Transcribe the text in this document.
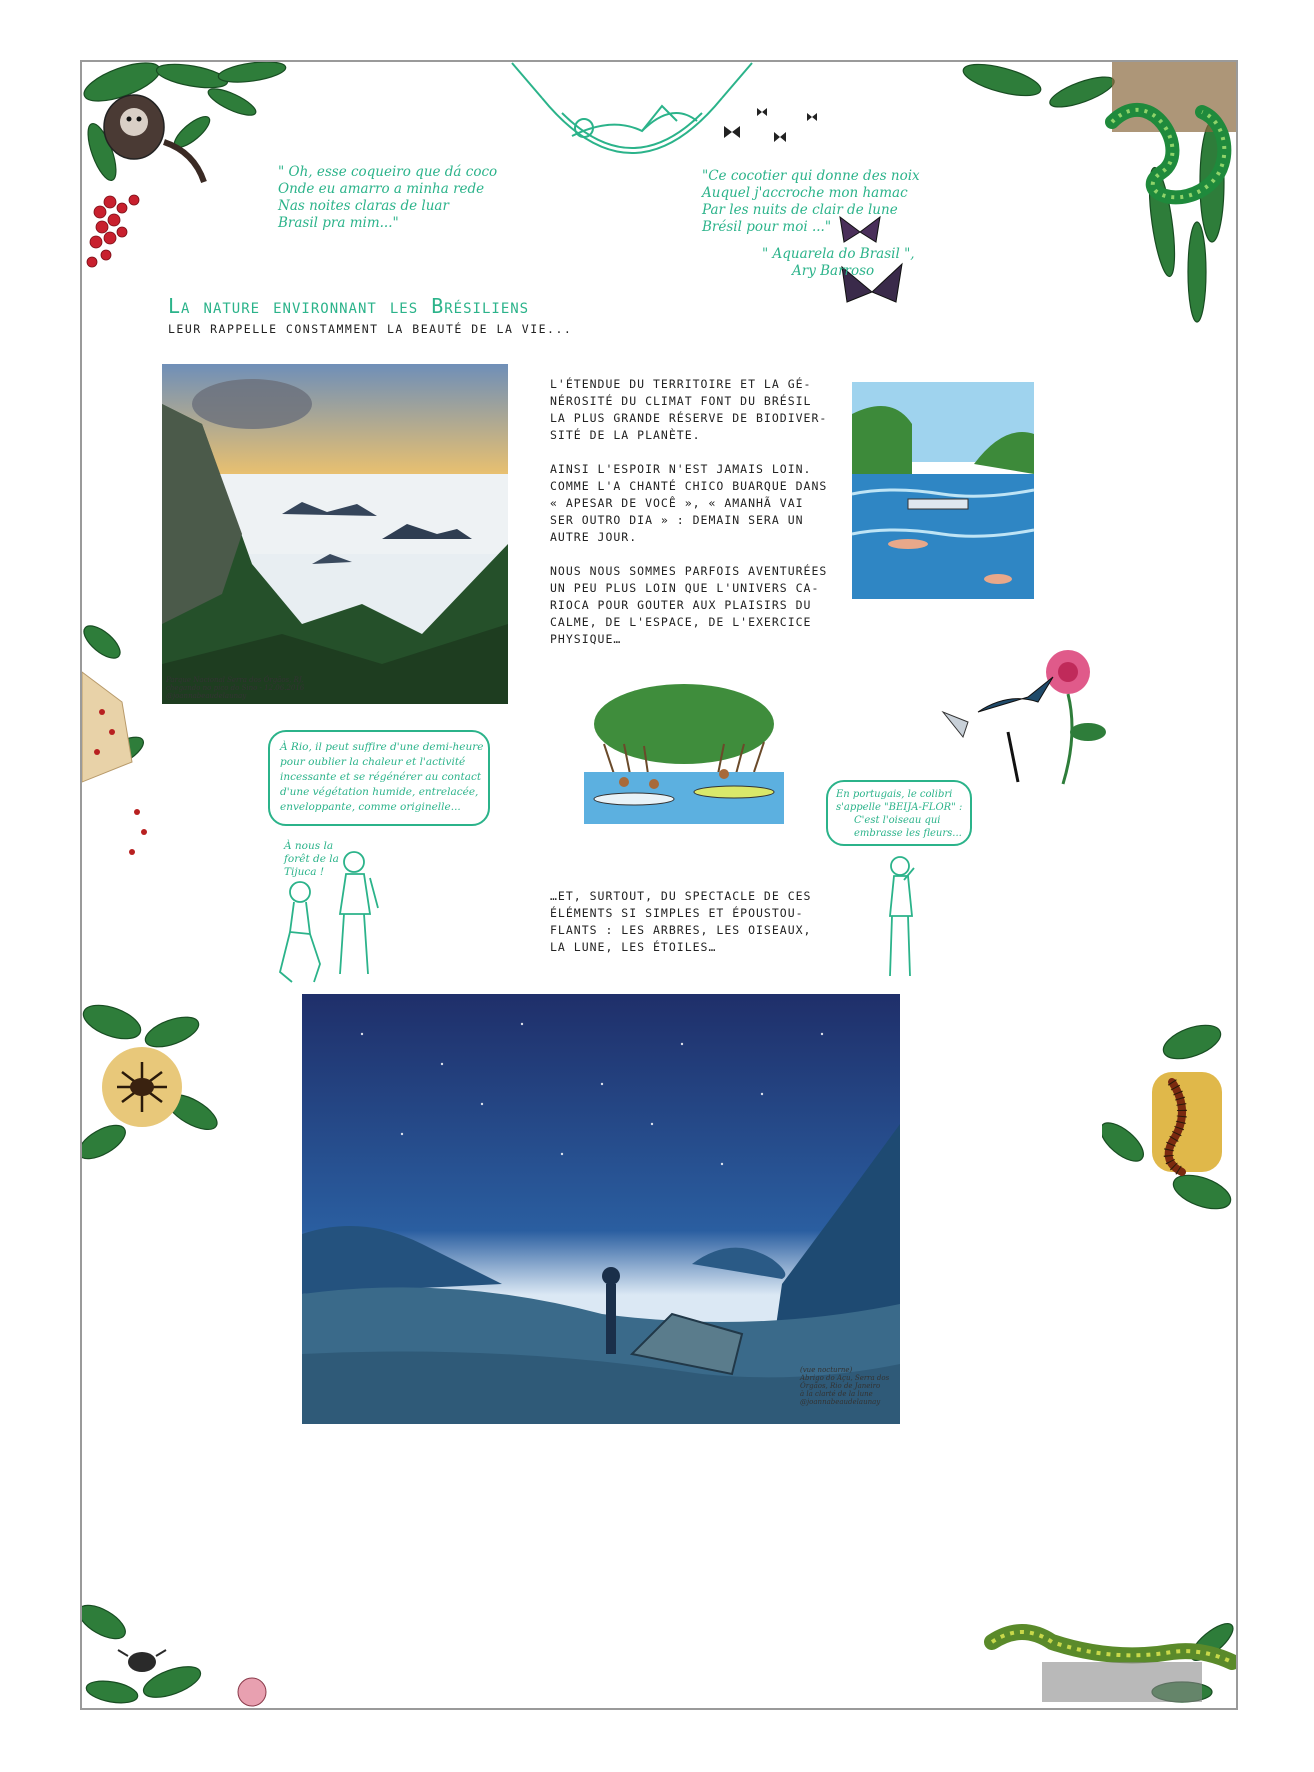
" Oh, esse coqueiro que dá coco
Onde eu amarro a minha rede
Nas noites claras de luar
Brasil pra mim..."
"Ce cocotier qui donne des noix
Auquel j'accroche mon hamac
Par les nuits de clair de lune
Brésil pour moi ..."
" Aquarela do Brasil ",
Ary Barroso
La nature environnant les Brésiliens
LEUR RAPPELLE CONSTAMMENT LA BEAUTÉ DE LA VIE...
Parque Nacional Serra dos Órgãos, RJ,
chegando no pico do Sino - 12.06.2016
@joannabeaudelaunay
L'ÉTENDUE DU TERRITOIRE ET LA GÉ-
NÉROSITÉ DU CLIMAT FONT DU BRÉSIL
LA PLUS GRANDE RÉSERVE DE BIODIVER-
SITÉ DE LA PLANÈTE.
AINSI L'ESPOIR N'EST JAMAIS LOIN.
COMME L'A CHANTÉ CHICO BUARQUE DANS
« APESAR DE VOCÊ », « AMANHÃ VAI
SER OUTRO DIA » : DEMAIN SERA UN
AUTRE JOUR.
NOUS NOUS SOMMES PARFOIS AVENTURÉES
UN PEU PLUS LOIN QUE L'UNIVERS CA-
RIOCA POUR GOUTER AUX PLAISIRS DU
CALME, DE L'ESPACE, DE L'EXERCICE
PHYSIQUE…
À Rio, il peut suffire d'une demi-heure
pour oublier la chaleur et l'activité
incessante et se régénérer au contact
d'une végétation humide, entrelacée,
enveloppante, comme originelle...
À nous la
forêt de la
Tijuca !
En portugais, le colibri
s'appelle "BEIJA-FLOR" :
C'est l'oiseau qui
embrasse les fleurs...
…ET, SURTOUT, DU SPECTACLE DE CES
ÉLÉMENTS SI SIMPLES ET ÉPOUSTOU-
FLANTS : LES ARBRES, LES OISEAUX,
LA LUNE, LES ÉTOILES…
(vue nocturne)
Abrigo do Açu, Serra dos
Órgãos, Rio de Janeiro
à la clarté de la lune
@joannabeaudelaunay
